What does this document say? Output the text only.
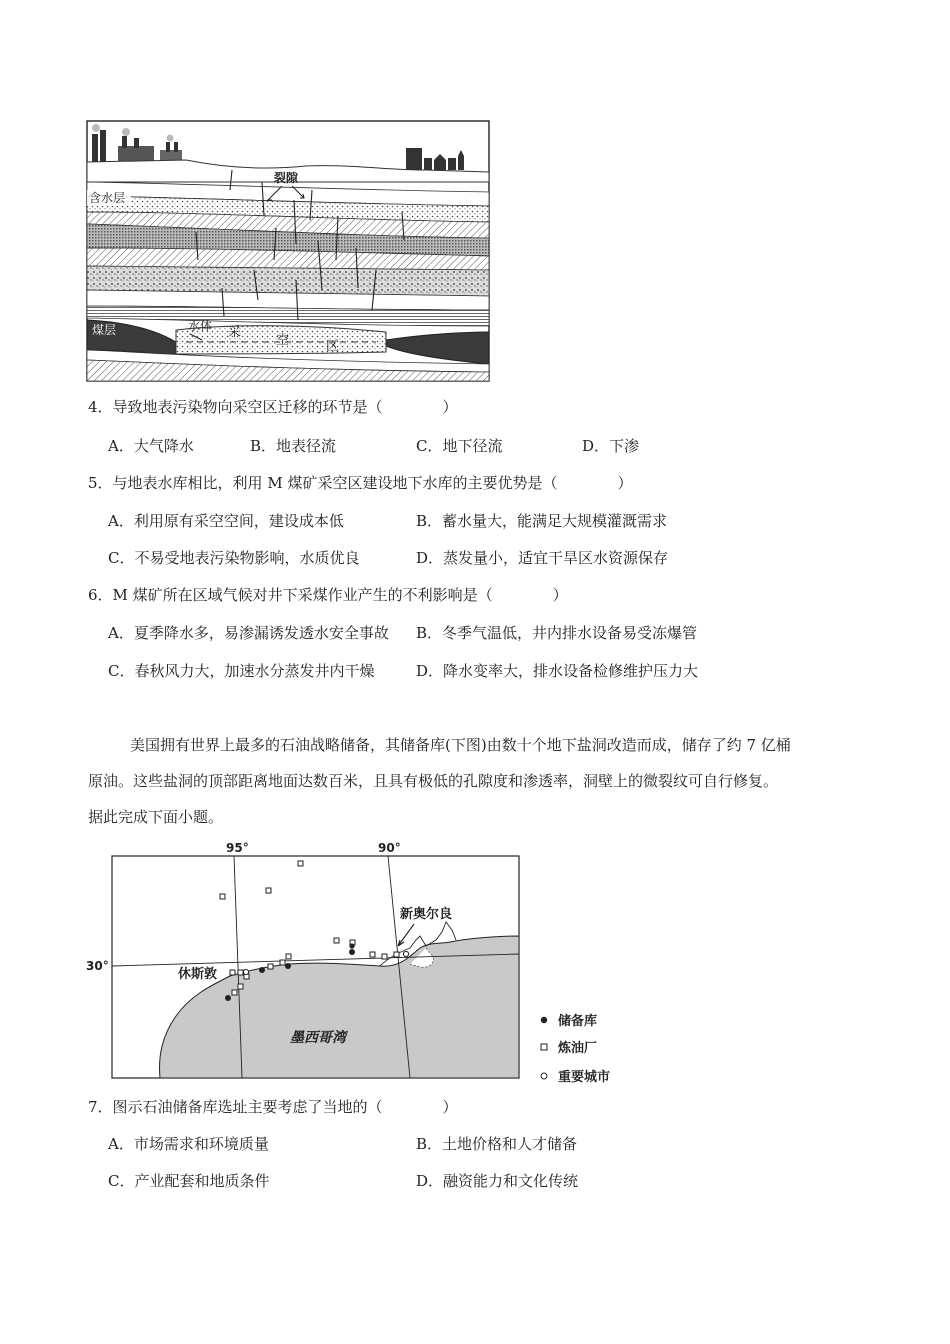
裂隙
含水层
煤层	水体 采
空	区
4．导致地表污染物向采空区迁移的环节是（　　　　）
A．大气降水	B．地表径流	C．地下径流	D．下渗
5．与地表水库相比，利用 M 煤矿采空区建设地下水库的主要优势是（　　　　）
A．利用原有采空空间，建设成本低	B．蓄水量大，能满足大规模灌溉需求
C．不易受地表污染物影响，水质优良	D．蒸发量小，适宜干旱区水资源保存
6．M 煤矿所在区域气候对井下采煤作业产生的不利影响是（　　　　）
A．夏季降水多，易渗漏诱发透水安全事故 B．冬季气温低，井内排水设备易受冻爆管
C．春秋风力大，加速水分蒸发井内干燥	D．降水变率大，排水设备检修维护压力大
美国拥有世界上最多的石油战略储备，其储备库(下图)由数十个地下盐洞改造而成，储存了约 7 亿桶
原油。这些盐洞的顶部距离地面达数百米，且具有极低的孔隙度和渗透率，洞壁上的微裂纹可自行修复。
据此完成下面小题。
95°	90°
30°
休斯敦
新奥尔良
墨西哥湾
储备库
炼油厂
重要城市
7．图示石油储备库选址主要考虑了当地的（　　　　）
A．市场需求和环境质量	B．土地价格和人才储备
C．产业配套和地质条件	D．融资能力和文化传统
